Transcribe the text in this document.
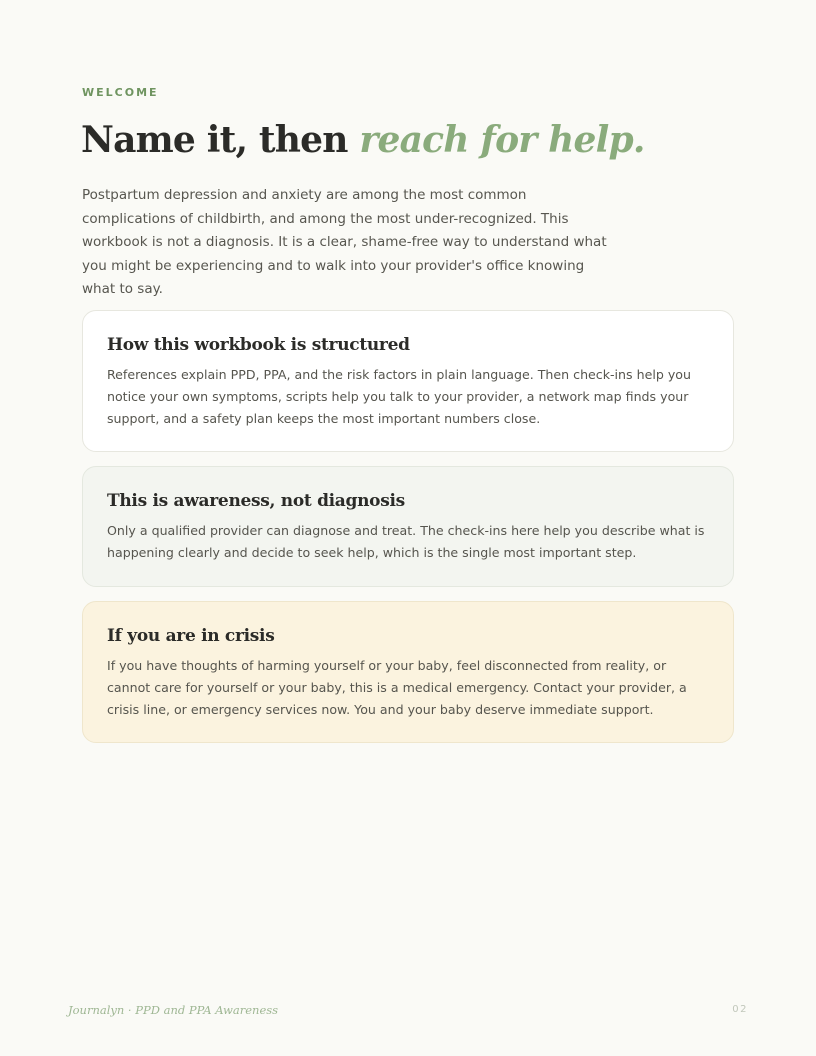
WELCOME
Name it, then reach for help.

Postpartum depression and anxiety are among the most common complications of childbirth, and among the most under-recognized. This workbook is not a diagnosis. It is a clear, shame-free way to understand what you might be experiencing and to walk into your provider's office knowing what to say.

How this workbook is structured

References explain PPD, PPA, and the risk factors in plain language. Then check-ins help you notice your own symptoms, scripts help you talk to your provider, a network map finds your support, and a safety plan keeps the most important numbers close.

This is awareness, not diagnosis

Only a qualified provider can diagnose and treat. The check-ins here help you describe what is happening clearly and decide to seek help, which is the single most important step.

If you are in crisis

If you have thoughts of harming yourself or your baby, feel disconnected from reality, or cannot care for yourself or your baby, this is a medical emergency. Contact your provider, a crisis line, or emergency services now. You and your baby deserve immediate support.

Journalyn · PPD and PPA Awareness	02
